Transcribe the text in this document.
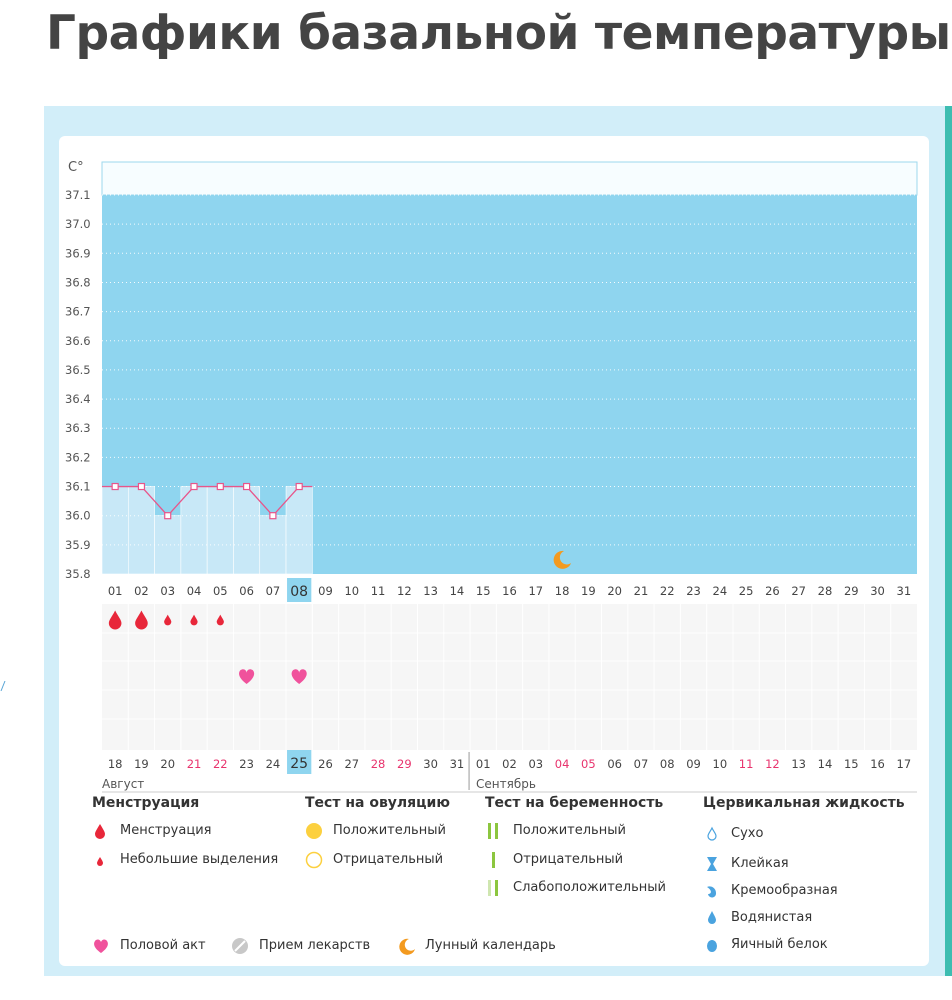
Графики базальной температуры
C°
37.1
37.0
36.9
36.8
36.7
36.6
36.5
36.4
36.3
36.2
36.1
36.0
35.9
35.8
01 02 03 04 05 06 07 08 09 10 11 12 13 14 15 16 17 18 19 20 21 22 23 24 25 26 27 28 29 30 31
18 19 20 21 22 23 24 25 26 27 28 29 30 31 01 02 03 04 05 06 07 08 09 10 11 12 13 14 15 16 17
Август	Сентябрь
Менструация
Менструация
Небольшие выделения
Тест на овуляцию
Положительный
Отрицательный
Тест на беременность
Положительный
Отрицательный
Слабоположительный
Цервикальная жидкость
Сухо
Клейкая
Кремообразная
Водянистая
Яичный белок
Половой акт	Прием лекарств	Лунный календарь
